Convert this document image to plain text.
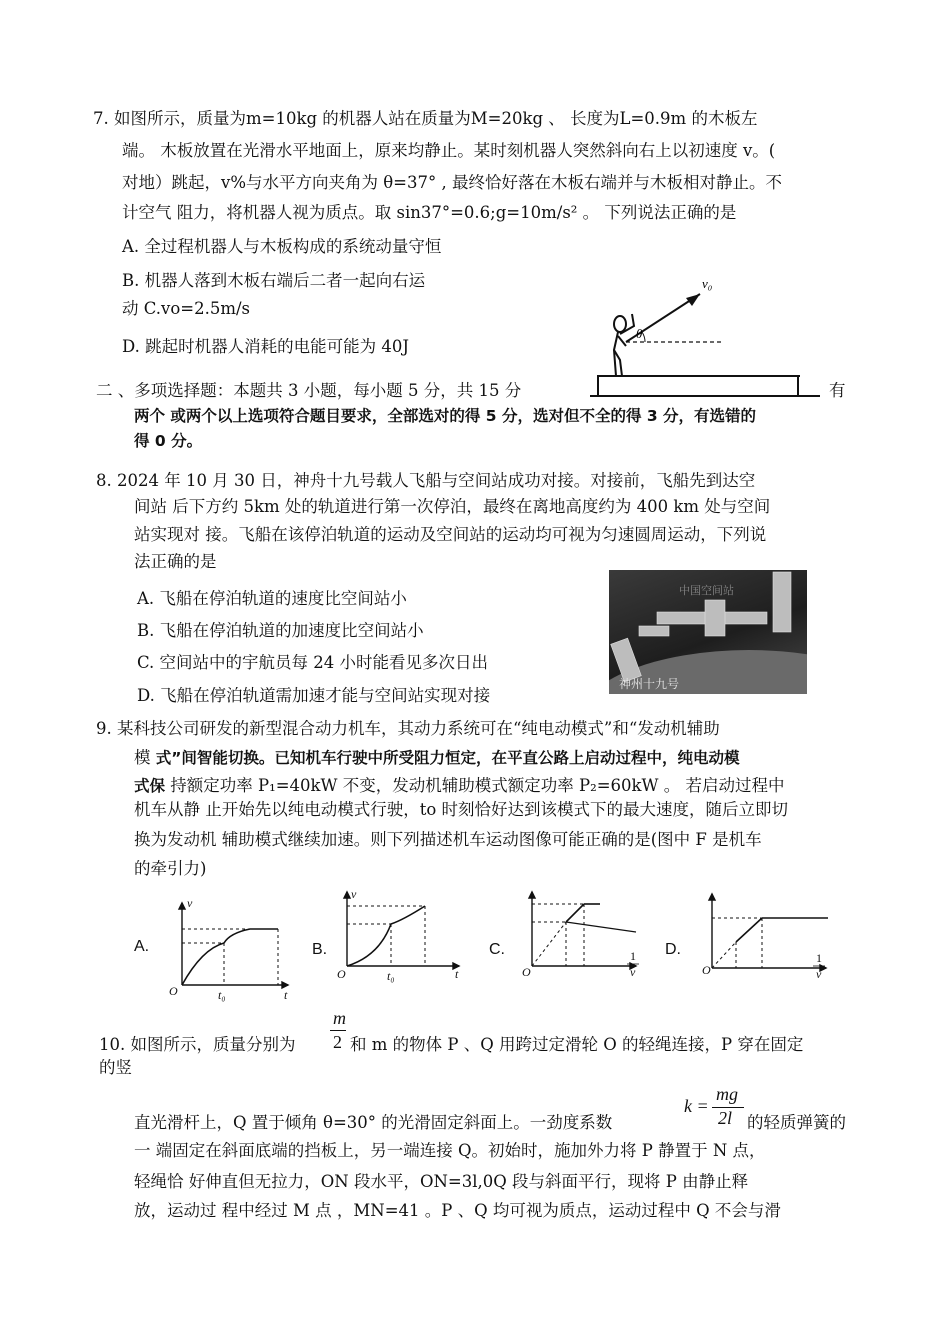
7. 如图所示，质量为m=10kg 的机器人站在质量为M=20kg 、 长度为L=0.9m 的木板左
端。 木板放置在光滑水平地面上，原来均静止。某时刻机器人突然斜向右上以初速度 v。(
对地）跳起，v%与水平方向夹角为 θ=37° , 最终恰好落在木板右端并与木板相对静止。不
计空气 阻力，将机器人视为质点。取 sin37°=0.6;g=10m/s² 。 下列说法正确的是
A. 全过程机器人与木板构成的系统动量守恒
B. 机器人落到木板右端后二者一起向右运
动 C.vo=2.5m/s
D. 跳起时机器人消耗的电能可能为 40J
θ
v₀
二 、多项选择题：本题共 3 小题，每小题 5 分，共 15 分	有
两个 或两个以上选项符合题目要求，全部选对的得 5 分，选对但不全的得 3 分，有选错的
得 0 分。
8. 2024 年 10 月 30 日，神舟十九号载人飞船与空间站成功对接。对接前，飞船先到达空
间站 后下方约 5km 处的轨道进行第一次停泊，最终在离地高度约为 400 km 处与空间
站实现对 接。飞船在该停泊轨道的运动及空间站的运动均可视为匀速圆周运动，下列说
法正确的是
A. 飞船在停泊轨道的速度比空间站小
B. 飞船在停泊轨道的加速度比空间站小
C. 空间站中的宇航员每 24 小时能看见多次日出
D. 飞船在停泊轨道需加速才能与空间站实现对接
中国空间站
神州十九号
9. 某科技公司研发的新型混合动力机车，其动力系统可在“纯电动模式”和“发动机辅助
模 式”间智能切换。已知机车行驶中所受阻力恒定，在平直公路上启动过程中，纯电动模
式保 持额定功率 P₁=40kW 不变，发动机辅助模式额定功率 P₂=60kW 。 若启动过程中
机车从静 止开始先以纯电动模式行驶，to 时刻恰好达到该模式下的最大速度，随后立即切
换为发动机 辅助模式继续加速。则下列描述机车运动图像可能正确的是(图中 F 是机车
的牵引力)
A.
v
t
O	t₀
B.
v
t
O	t₀
C.
O
1
v
D.
O
1
v
m
2
10. 如图所示，质量分别为	和 m 的物体 P 、Q 用跨过定滑轮 O 的轻绳连接，P 穿在固定
的竖
k =
mg
2l
直光滑杆上，Q 置于倾角 θ=30° 的光滑固定斜面上。一劲度系数	的轻质弹簧的
一 端固定在斜面底端的挡板上，另一端连接 Q。初始时，施加外力将 P 静置于 N 点，
轻绳恰 好伸直但无拉力，ON 段水平，ON=3l,0Q 段与斜面平行，现将 P 由静止释
放，运动过 程中经过 M 点 ，MN=41 。P 、Q 均可视为质点，运动过程中 Q 不会与滑
